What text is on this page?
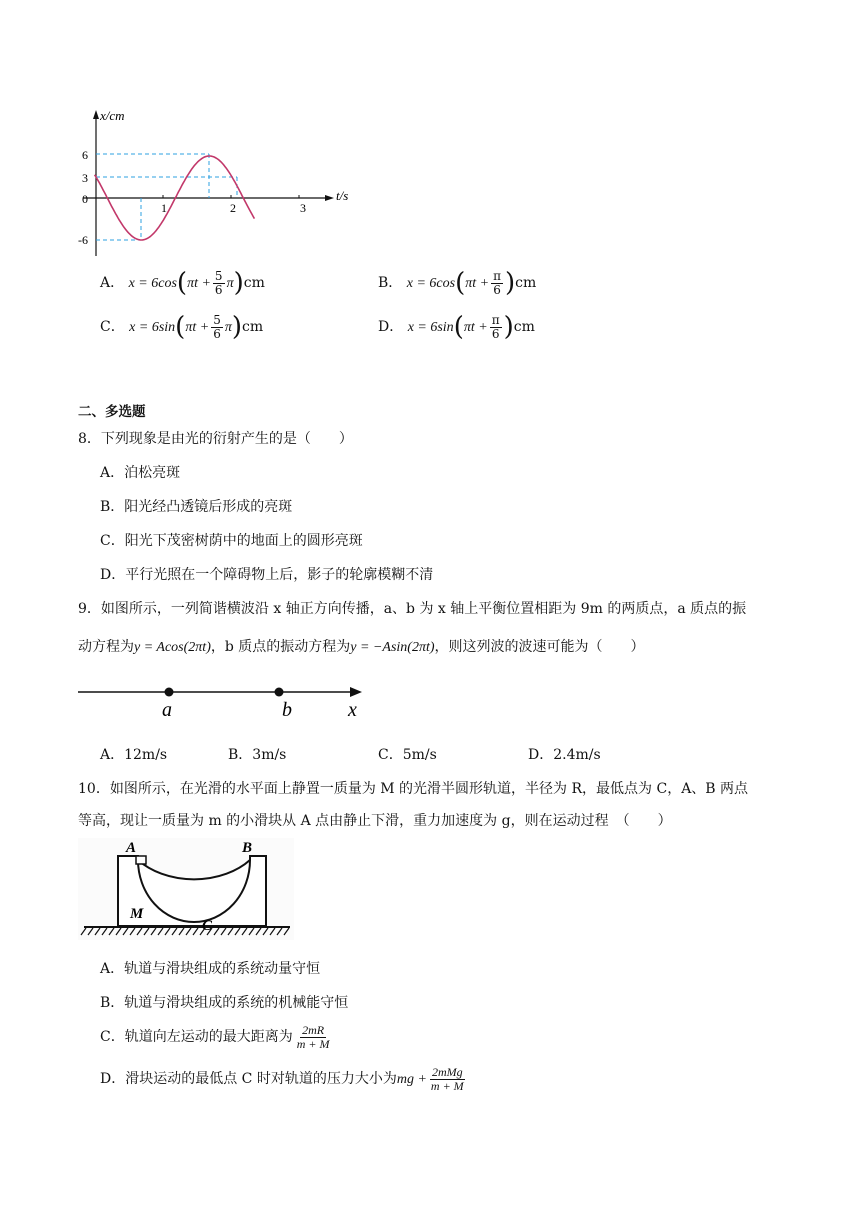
x/cm
t/s
6
3
0
-6
1	2	3
A． $x = 6\cos(\pi t + \frac{5}{6} \pi)cm$	B． $x = 6\cos(\pi t + \frac{\pi}{6} )cm$
C． $x = 6\sin(\pi t + \frac{5}{6} \pi)cm$	D． $x = 6\sin(\pi t + \frac{\pi}{6} )cm$
二、多选题
8．下列现象是由光的衍射产生的是（　　）
A．泊松亮斑
B．阳光经凸透镜后形成的亮斑
C．阳光下茂密树荫中的地面上的圆形亮斑
D．平行光照在一个障碍物上后，影子的轮廓模糊不清
9．如图所示，一列简谐横波沿 x 轴正方向传播，a、b 为 x 轴上平衡位置相距为 9m 的两质点，a 质点的振
动方程为y = Acos(2πt)，b 质点的振动方程为y = −Asin(2πt)，则这列波的波速可能为（　　）
a	b	x
A．12m/s	B．3m/s	C．5m/s	D．2.4m/s
10．如图所示，在光滑的水平面上静置一质量为 M 的光滑半圆形轨道，半径为 R，最低点为 C，A、B 两点
等高，现让一质量为 m 的小滑块从 A 点由静止下滑，重力加速度为 g，则在运动过程　（　　）
A	B
M
C
A．轨道与滑块组成的系统动量守恒
B．轨道与滑块组成的系统的机械能守恒
C．轨道向左运动的最大距离为 $\frac{2mR}{m + M}$
D．滑块运动的最低点 C 时对轨道的压力大小为mg + $\frac{\text{2mMg}}{m + M}$
